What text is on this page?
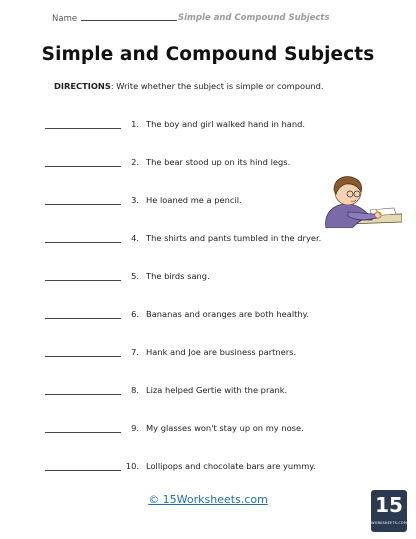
Name	Simple and Compound Subjects
Simple and Compound Subjects
DIRECTIONS: Write whether the subject is simple or compound.
1. The boy and girl walked hand in hand.
2. The bear stood up on its hind legs.
3. He loaned me a pencil.
4. The shirts and pants tumbled in the dryer.
5. The birds sang.
6. Bananas and oranges are both healthy.
7. Hank and Joe are business partners.
8. Liza helped Gertie with the prank.
9. My glasses won't stay up on my nose.
10. Lollipops and chocolate bars are yummy.
© 15Worksheets.com	15
WORKSHEETS.COM
